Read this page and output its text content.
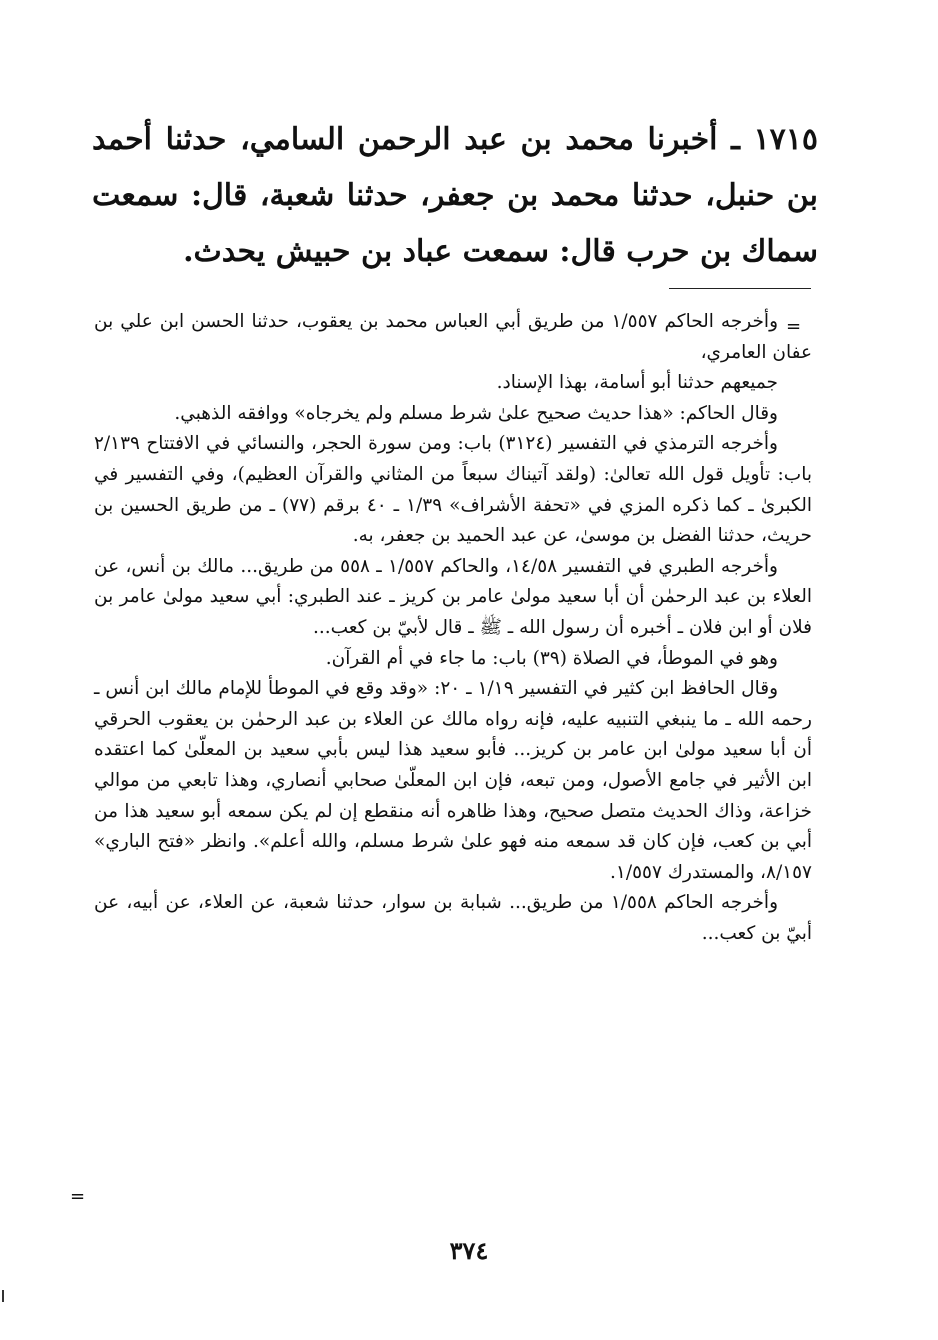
١٧١٥ ـ أخبرنا محمد بن عبد الرحمن السامي، حدثنا أحمد بن حنبل، حدثنا محمد بن جعفر، حدثنا شعبة، قال: سمعت سماك بن حرب قال: سمعت عباد بن حبيش يحدث.

=

وأخرجه الحاكم ١/٥٥٧ من طريق أبي العباس محمد بن يعقوب، حدثنا الحسن ابن علي بن عفان العامري،

جميعهم حدثنا أبو أسامة، بهذا الإسناد.

وقال الحاكم: «هذا حديث صحيح علىٰ شرط مسلم ولم يخرجاه» ووافقه الذهبي.

وأخرجه الترمذي في التفسير (٣١٢٤) باب: ومن سورة الحجر، والنسائي في الافتتاح ٢/١٣٩ باب: تأويل قول الله تعالىٰ: (ولقد آتيناك سبعاً من المثاني والقرآن العظيم)، وفي التفسير في الكبرىٰ ـ كما ذكره المزي في «تحفة الأشراف» ١/٣٩ ـ ٤٠ برقم (٧٧) ـ من طريق الحسين بن حريث، حدثنا الفضل بن موسىٰ، عن عبد الحميد بن جعفر، به.

وأخرجه الطبري في التفسير ١٤/٥٨، والحاكم ١/٥٥٧ ـ ٥٥٨ من طريق... مالك بن أنس، عن العلاء بن عبد الرحمٰن أن أبا سعيد مولىٰ عامر بن كريز ـ عند الطبري: أبي سعيد مولىٰ عامر بن فلان أو ابن فلان ـ أخبره أن رسول الله ـ ﷺ ـ قال لأبيّ بن كعب...

وهو في الموطأ، في الصلاة (٣٩) باب: ما جاء في أم القرآن.

وقال الحافظ ابن كثير في التفسير ١/١٩ ـ ٢٠: «وقد وقع في الموطأ للإمام مالك ابن أنس ـ رحمه الله ـ ما ينبغي التنبيه عليه، فإنه رواه مالك عن العلاء بن عبد الرحمٰن بن يعقوب الحرقي أن أبا سعيد مولىٰ ابن عامر بن كريز... فأبو سعيد هذا ليس بأبي سعيد بن المعلّىٰ كما اعتقده ابن الأثير في جامع الأصول، ومن تبعه، فإن ابن المعلّىٰ صحابي أنصاري، وهذا تابعي من موالي خزاعة، وذاك الحديث متصل صحيح، وهذا ظاهره أنه منقطع إن لم يكن سمعه أبو سعيد هذا من أبي بن كعب، فإن كان قد سمعه منه فهو علىٰ شرط مسلم، والله أعلم». وانظر «فتح الباري» ٨/١٥٧، والمستدرك ١/٥٥٧.

وأخرجه الحاكم ١/٥٥٨ من طريق... شبابة بن سوار، حدثنا شعبة، عن العلاء، عن أبيه، عن أبيّ بن كعب...

=
٣٧٤
